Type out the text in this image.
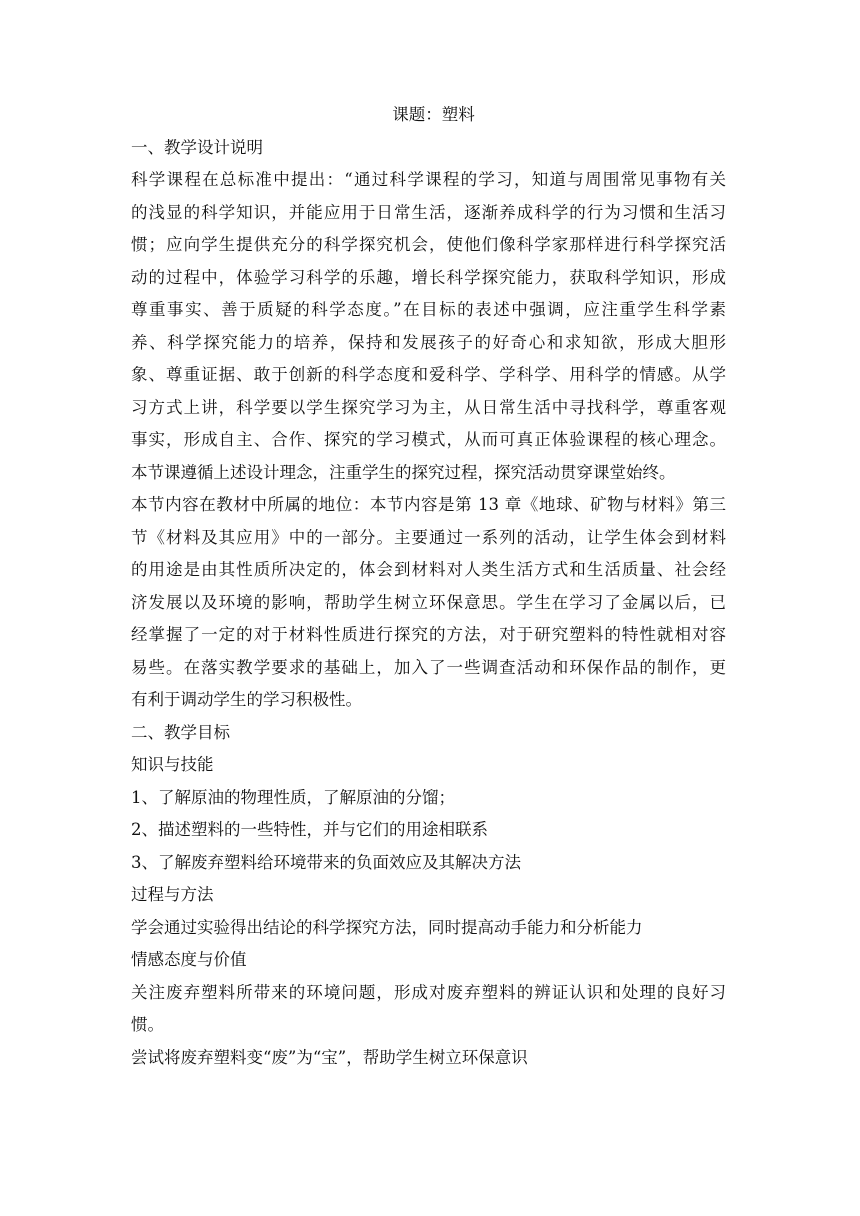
课题：塑料
一、教学设计说明
科学课程在总标准中提出：“通过科学课程的学习，知道与周围常见事物有关
的浅显的科学知识，并能应用于日常生活，逐渐养成科学的行为习惯和生活习
惯；应向学生提供充分的科学探究机会，使他们像科学家那样进行科学探究活
动的过程中，体验学习科学的乐趣，增长科学探究能力，获取科学知识，形成
尊重事实、善于质疑的科学态度。”在目标的表述中强调，应注重学生科学素
养、科学探究能力的培养，保持和发展孩子的好奇心和求知欲，形成大胆形
象、尊重证据、敢于创新的科学态度和爱科学、学科学、用科学的情感。从学
习方式上讲，科学要以学生探究学习为主，从日常生活中寻找科学，尊重客观
事实，形成自主、合作、探究的学习模式，从而可真正体验课程的核心理念。
本节课遵循上述设计理念，注重学生的探究过程，探究活动贯穿课堂始终。
本节内容在教材中所属的地位：本节内容是第 13 章《地球、矿物与材料》第三
节《材料及其应用》中的一部分。主要通过一系列的活动，让学生体会到材料
的用途是由其性质所决定的，体会到材料对人类生活方式和生活质量、社会经
济发展以及环境的影响，帮助学生树立环保意思。学生在学习了金属以后，已
经掌握了一定的对于材料性质进行探究的方法，对于研究塑料的特性就相对容
易些。在落实教学要求的基础上，加入了一些调查活动和环保作品的制作，更
有利于调动学生的学习积极性。
二、教学目标
知识与技能
1、了解原油的物理性质，了解原油的分馏；
2、描述塑料的一些特性，并与它们的用途相联系
3、了解废弃塑料给环境带来的负面效应及其解决方法
过程与方法
学会通过实验得出结论的科学探究方法，同时提高动手能力和分析能力
情感态度与价值
关注废弃塑料所带来的环境问题，形成对废弃塑料的辨证认识和处理的良好习
惯。
尝试将废弃塑料变“废”为“宝”，帮助学生树立环保意识
